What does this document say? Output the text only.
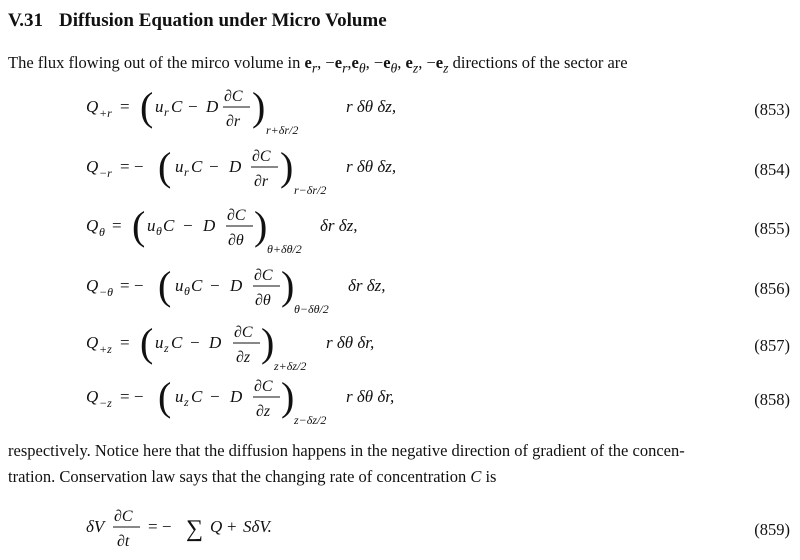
V.31 Diffusion Equation under Micro Volume
The flux flowing out of the mirco volume in $e_r$, $-e_r,e_\theta$, $-e_\theta$, $e_z$, $-e_z$ directions of the sector are
Q +r = ( u r C − D
∂C
∂r )
r+δr/2
r δθ δz,
Q −r = − ( u r C − D
∂C
∂r )
r−δr/2
r δθ δz,
Q θ = ( u θ C − D
∂C
∂θ )
θ+δθ/2
δr δz,
Q −θ = − ( u θ C − D
∂C
∂θ )
θ−δθ/2
δr δz,
Q +z = ( u z C − D
∂C
∂z )
z+δz/2
r δθ δr,
Q −z = − ( u z C − D
∂C
∂z )
z−δz/2
r δθ δr,
δV
∂C
∂t
= − ∑ Q + SδV.
(853)
(854)
(855)
(856)
(857)
(858)
respectively. Notice here that the diffusion happens in the negative direction of gradient of the concen-
tration. Conservation law says that the changing rate of concentration C is
(859)
